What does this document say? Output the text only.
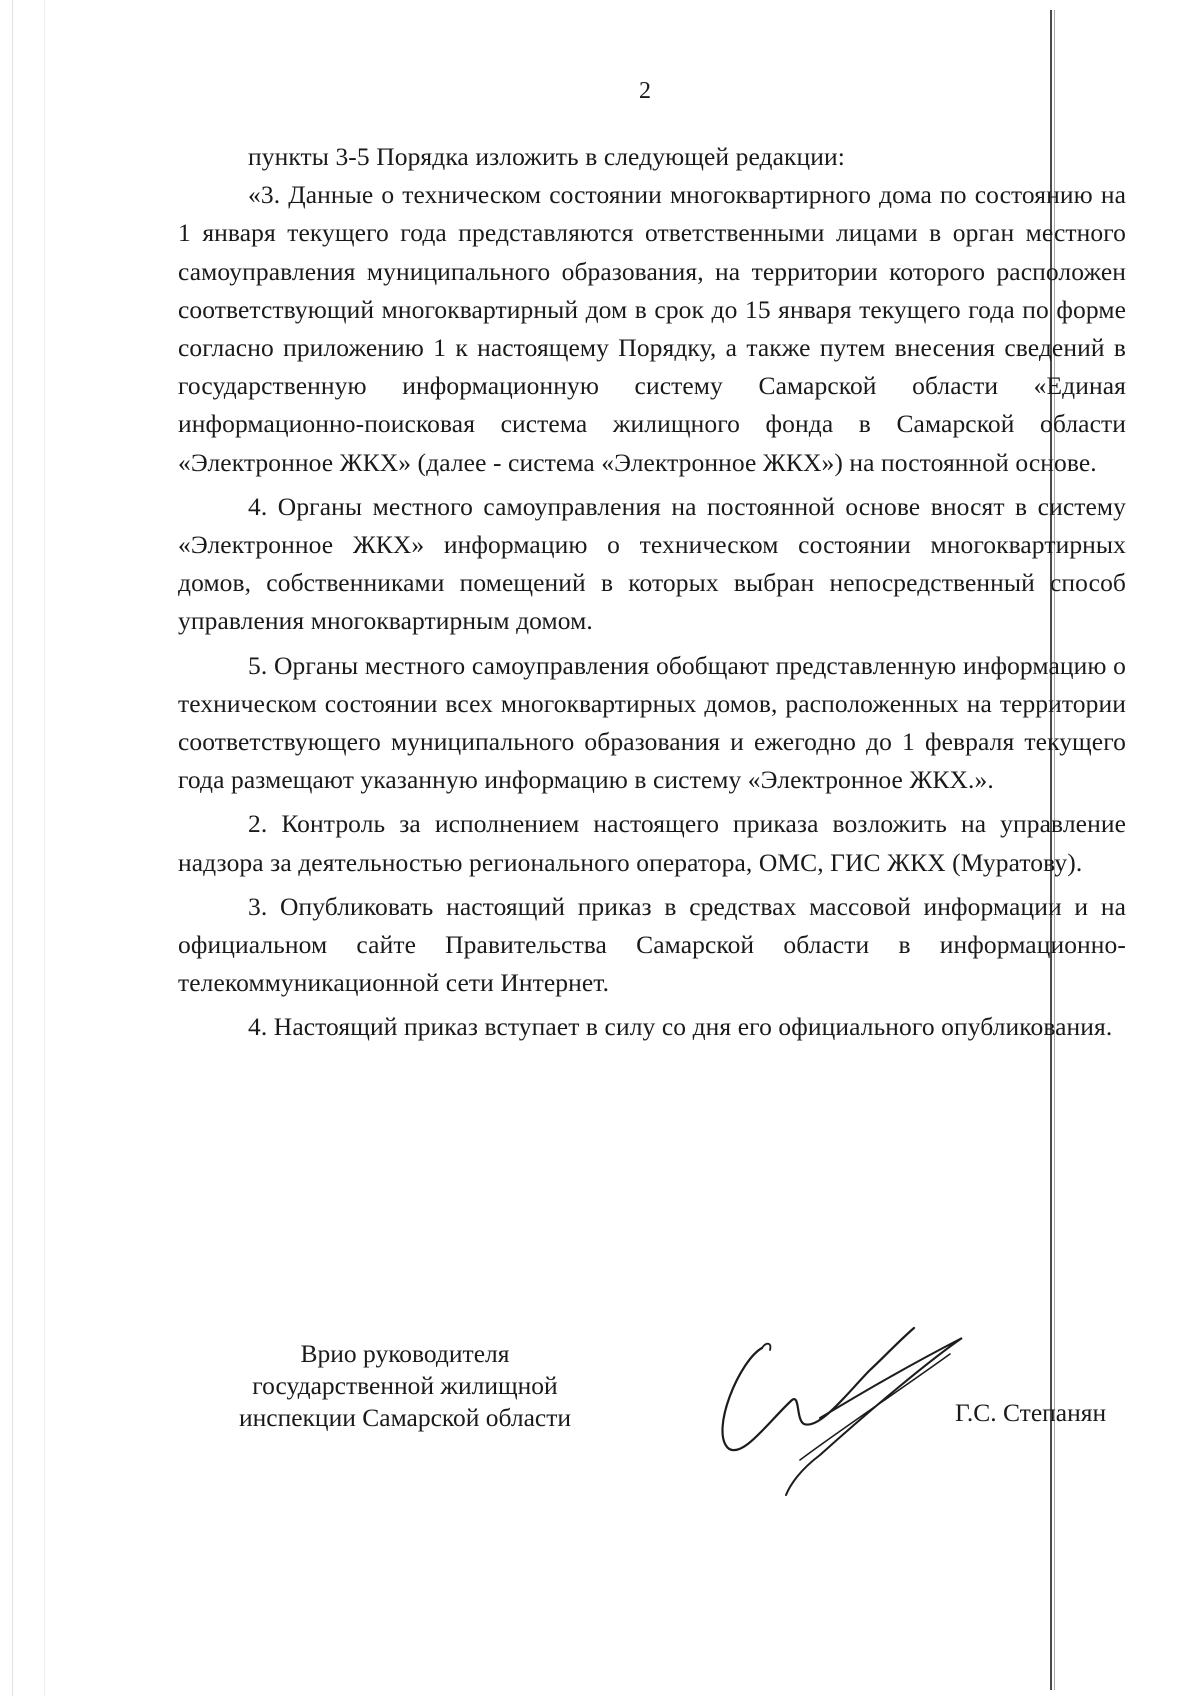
2

пункты 3-5 Порядка изложить в следующей редакции:

«3. Данные о техническом состоянии многоквартирного дома по состоянию на 1 января текущего года представляются ответственными лицами в орган местного самоуправления муниципального образования, на территории которого расположен соответствующий многоквартирный дом в срок до 15 января текущего года по форме согласно приложению 1 к настоящему Порядку, а также путем внесения сведений в государственную информационную систему Самарской области «Единая информационно-поисковая система жилищного фонда в Самарской области «Электронное ЖКХ» (далее - система «Электронное ЖКХ») на постоянной основе.

4. Органы местного самоуправления на постоянной основе вносят в систему «Электронное ЖКХ» информацию о техническом состоянии многоквартирных домов, собственниками помещений в которых выбран непосредственный способ управления многоквартирным домом.

5. Органы местного самоуправления обобщают представленную информацию о техническом состоянии всех многоквартирных домов, расположенных на территории соответствующего муниципального образования и ежегодно до 1 февраля текущего года размещают указанную информацию в систему «Электронное ЖКХ.».

2. Контроль за исполнением настоящего приказа возложить на управление надзора за деятельностью регионального оператора, ОМС, ГИС ЖКХ (Муратову).

3. Опубликовать настоящий приказ в средствах массовой информации и на официальном сайте Правительства Самарской области в информационно-телекоммуникационной сети Интернет.

4. Настоящий приказ вступает в силу со дня его официального опубликования.

Врио руководителя
государственной жилищной
инспекции Самарской области	Г.С. Степанян
